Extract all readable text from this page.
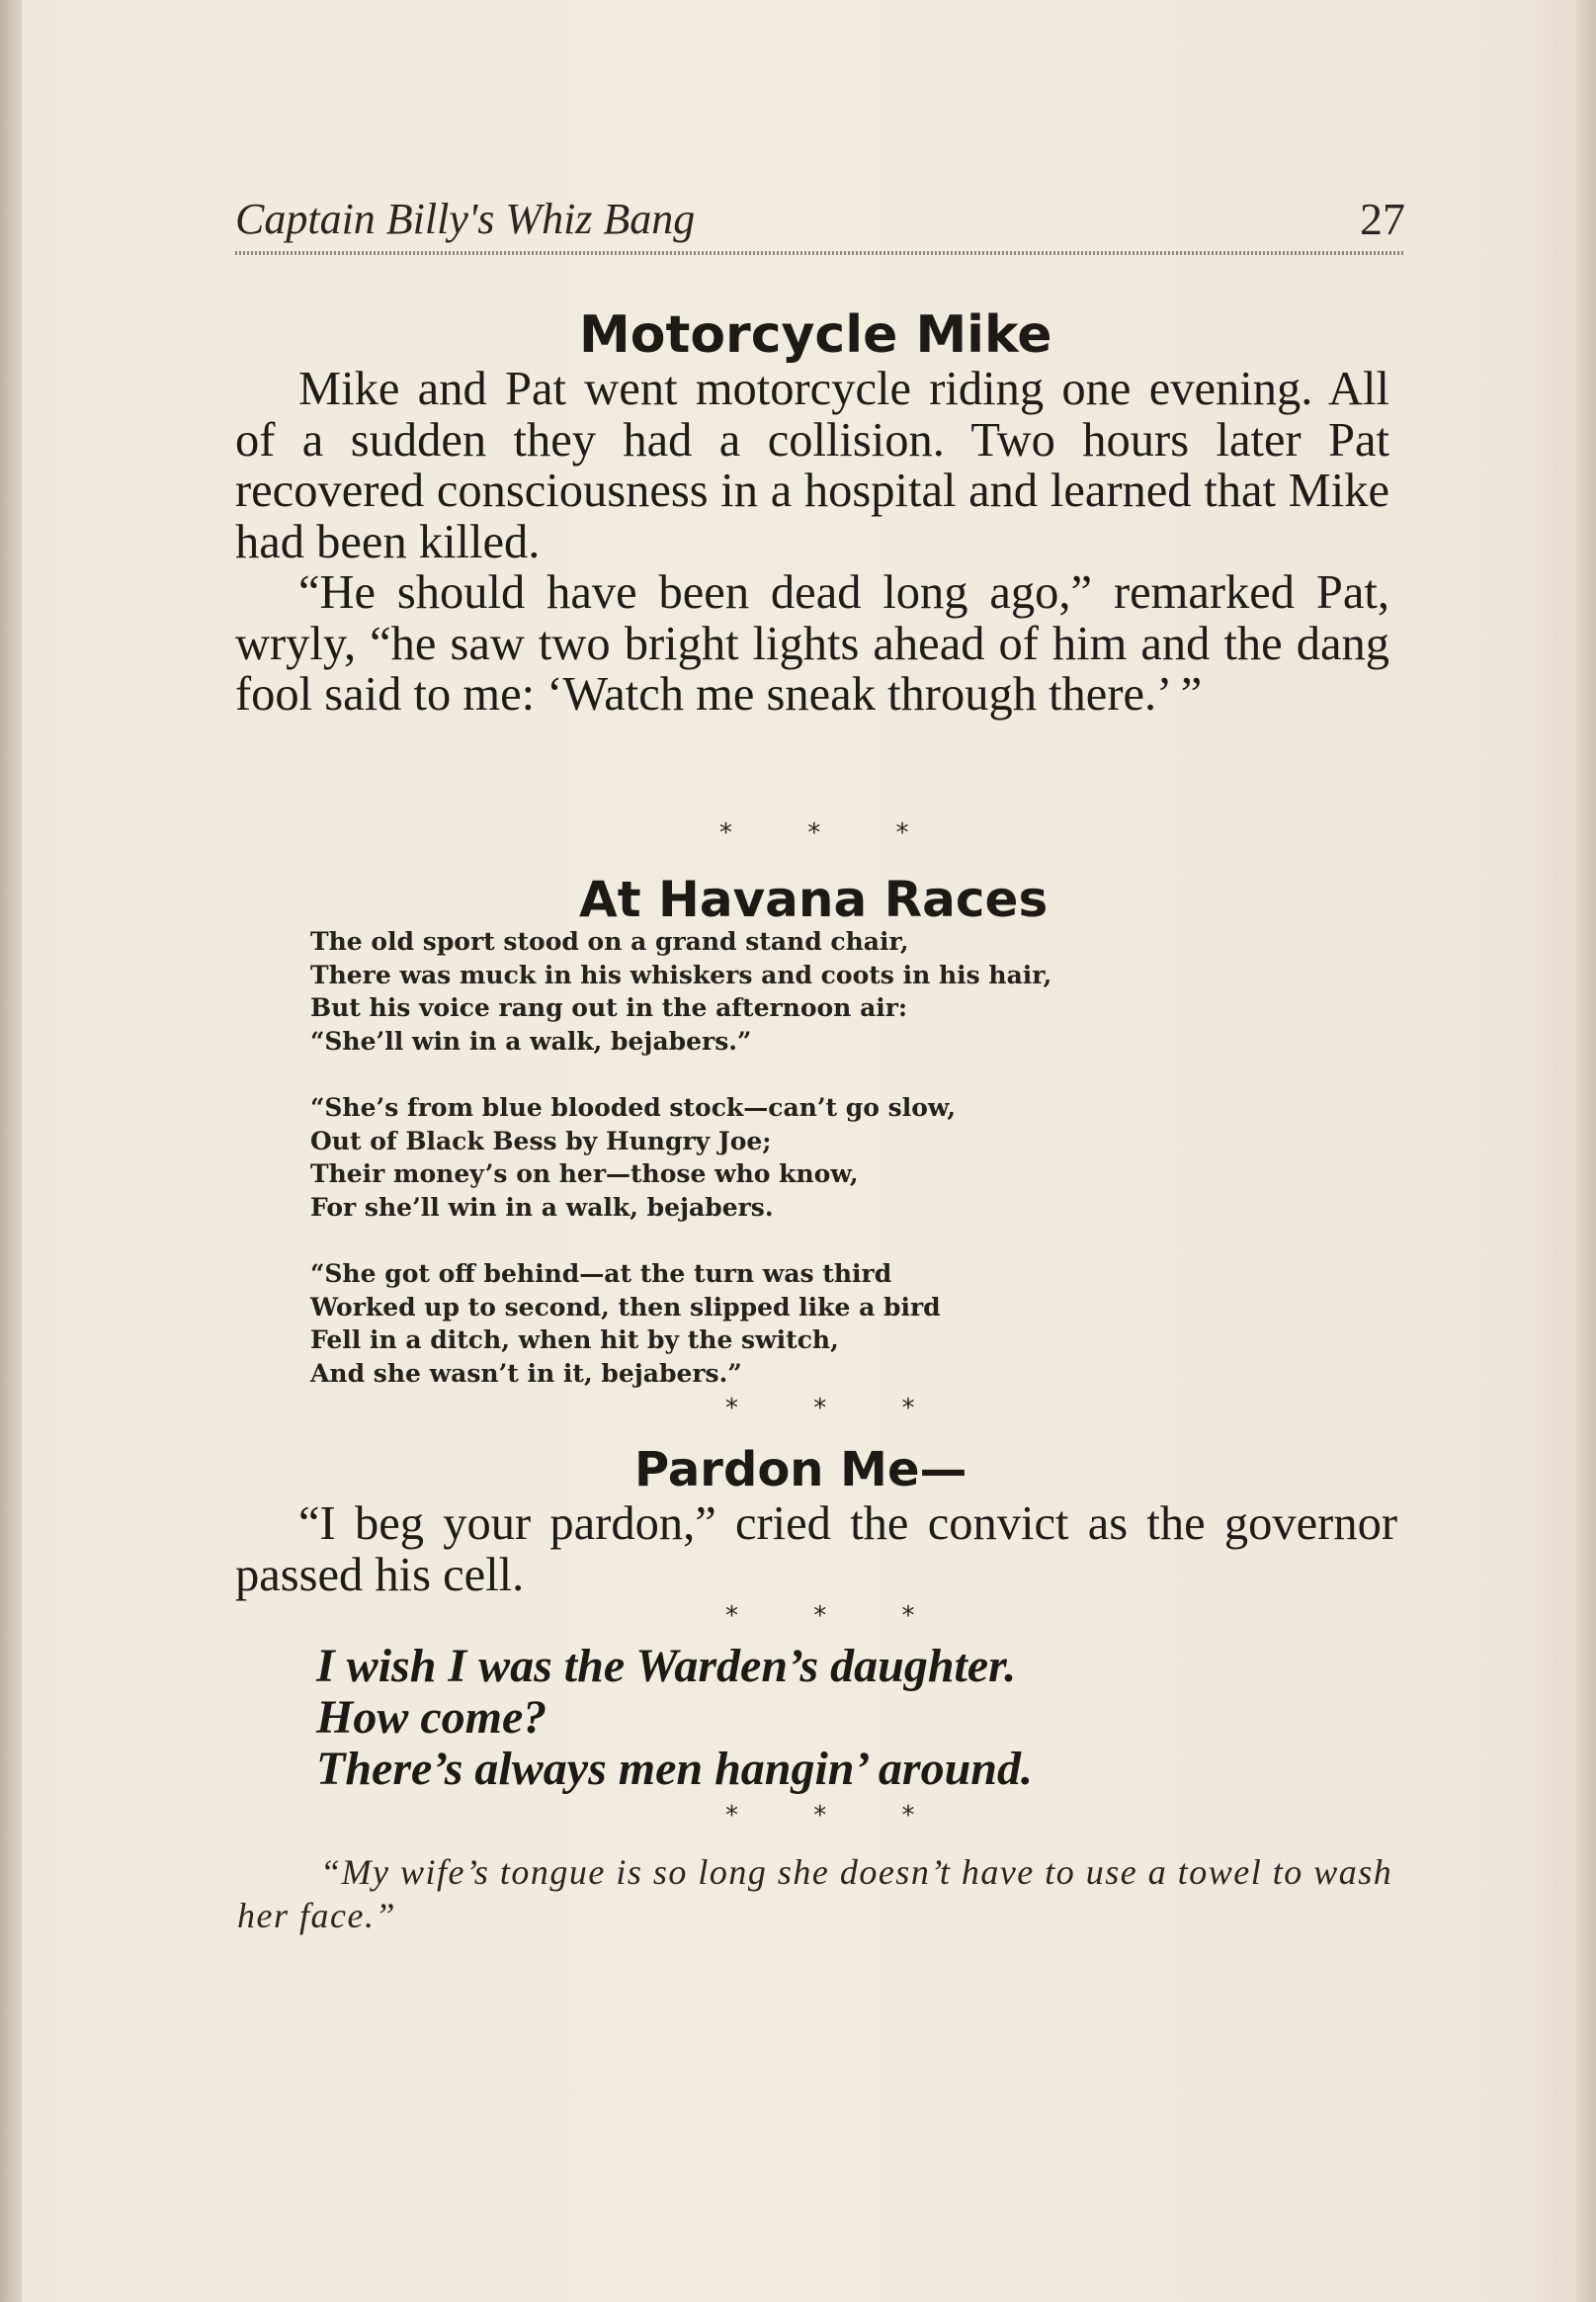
Captain Billy's Whiz Bang	27
Motorcycle Mike

Mike and Pat went motorcycle riding one evening. All of a sudden they had a collision. Two hours later Pat recovered consciousness in a hospital and learned that Mike had been killed.

“He should have been dead long ago,” remarked Pat, wryly, “he saw two bright lights ahead of him and the dang fool said to me: ‘Watch me sneak through there.’ ”

* * *
At Havana Races
The old sport stood on a grand stand chair,
There was muck in his whiskers and coots in his hair,
But his voice rang out in the afternoon air:
“She’ll win in a walk, bejabers.”
“She’s from blue blooded stock—can’t go slow,
Out of Black Bess by Hungry Joe;
Their money’s on her—those who know,
For she’ll win in a walk, bejabers.
“She got off behind—at the turn was third
Worked up to second, then slipped like a bird
Fell in a ditch, when hit by the switch,
And she wasn’t in it, bejabers.”
* * *
Pardon Me—

“I beg your pardon,” cried the convict as the governor passed his cell.

* * *
I wish I was the Warden’s daughter.
How come?
There’s always men hangin’ around.
* * *

“My wife’s tongue is so long she doesn’t have to use a towel to wash her face.”
